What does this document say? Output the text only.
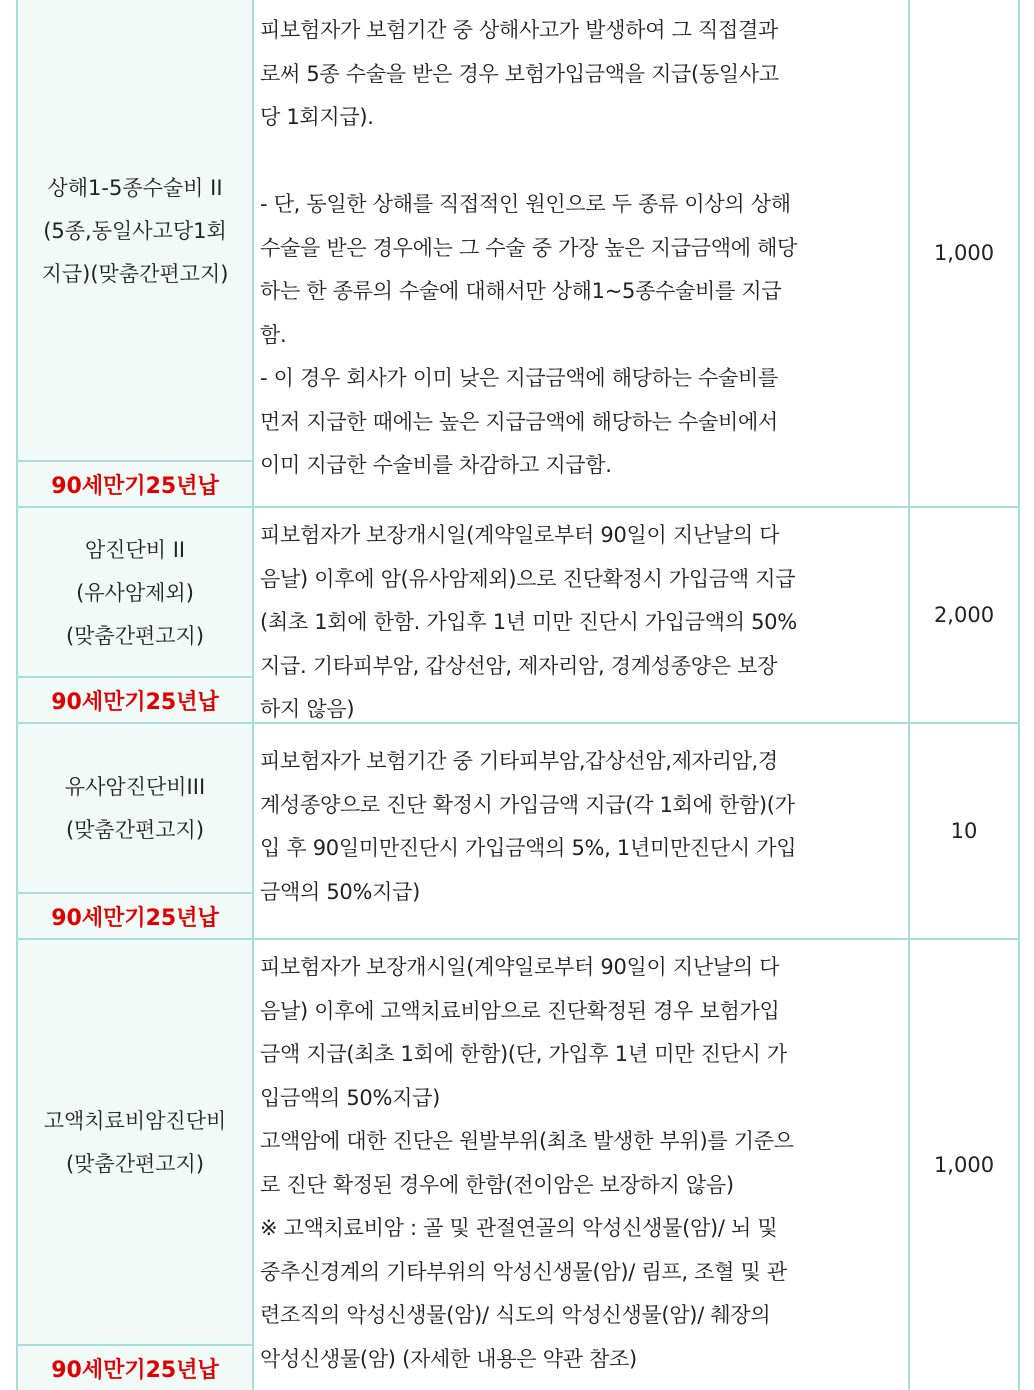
상해1-5종수술비 II
(5종,동일사고당1회
지급)(맞춤간편고지)
90세만기25년납
피보험자가 보험기간 중 상해사고가 발생하여 그 직접결과
로써 5종 수술을 받은 경우 보험가입금액을 지급(동일사고
당 1회지급).

- 단, 동일한 상해를 직접적인 원인으로 두 종류 이상의 상해
수술을 받은 경우에는 그 수술 중 가장 높은 지급금액에 해당
하는 한 종류의 수술에 대해서만 상해1~5종수술비를 지급
함.
- 이 경우 회사가 이미 낮은 지급금액에 해당하는 수술비를
먼저 지급한 때에는 높은 지급금액에 해당하는 수술비에서
이미 지급한 수술비를 차감하고 지급함.
1,000
암진단비 II
(유사암제외)
(맞춤간편고지)
90세만기25년납
피보험자가 보장개시일(계약일로부터 90일이 지난날의 다
음날) 이후에 암(유사암제외)으로 진단확정시 가입금액 지급
(최초 1회에 한함. 가입후 1년 미만 진단시 가입금액의 50%
지급. 기타피부암, 갑상선암, 제자리암, 경계성종양은 보장
하지 않음)
2,000
유사암진단비III
(맞춤간편고지)
90세만기25년납
피보험자가 보험기간 중 기타피부암,갑상선암,제자리암,경
계성종양으로 진단 확정시 가입금액 지급(각 1회에 한함)(가
입 후 90일미만진단시 가입금액의 5%, 1년미만진단시 가입
금액의 50%지급)
10
고액치료비암진단비
(맞춤간편고지)
90세만기25년납
피보험자가 보장개시일(계약일로부터 90일이 지난날의 다
음날) 이후에 고액치료비암으로 진단확정된 경우 보험가입
금액 지급(최초 1회에 한함)(단, 가입후 1년 미만 진단시 가
입금액의 50%지급)
고액암에 대한 진단은 원발부위(최초 발생한 부위)를 기준으
로 진단 확정된 경우에 한함(전이암은 보장하지 않음)
※ 고액치료비암 : 골 및 관절연골의 악성신생물(암)/ 뇌 및
중추신경계의 기타부위의 악성신생물(암)/ 림프, 조혈 및 관
련조직의 악성신생물(암)/ 식도의 악성신생물(암)/ 췌장의
악성신생물(암) (자세한 내용은 약관 참조)
1,000
